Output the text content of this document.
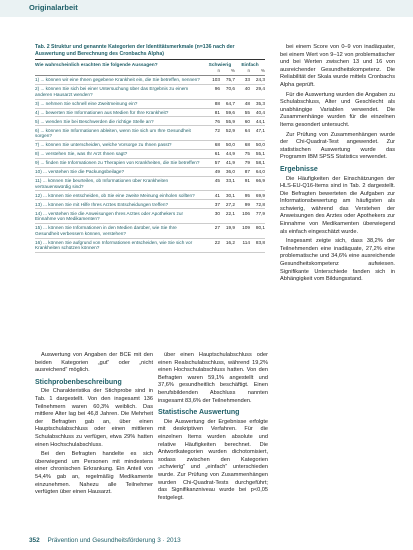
Originalarbeit
Tab. 2 Struktur und genannte Kategorien der Identitätsmerkmale (n=136 nach der Auswertung und Berechnung des Cronbachs Alpha)
Wie wahrscheinlich erachten Sie folgende Aussagen?	Schwierig	Einfach
n	%	n	%
1) ... können wir eine Ihnen gegebene Krankheit ein, die Sie betreffen, nennen?	103	75,7	33	24,3
2) ... können Sie sich bei einer Untersuchung über das Ergebnis zu einem anderen Hausarzt wenden?
96	70,6	40	29,4
3) ... nehmen Sie schnell eine Zweitmeinung ein?	88	64,7	48	35,3
4) ... bewerten Sie Informationen aus Medien für Ihre Krankheit?	81	59,6	55	40,4
5) ... wenden Sie bei Beschwerden die richtige Stelle an?	76	55,9	60	44,1
6) ... können Sie Informationen ableiten, wenn Sie sich um Ihre Gesundheit sorgen?
72	52,9	64	47,1
7) ... können Sie unterscheiden, welche Vorsorge zu Ihnen passt?	68	50,0	68	50,0
8) ... verstehen Sie, was Ihr Arzt Ihnen sagt?	61	44,9	75	55,1
9) ... finden Sie Informationen zu Therapien von Krankheiten, die Sie betreffen?	57	41,9	79	58,1
10) ... verstehen Sie die Packungsbeilage?	49	36,0	87	64,0
11) ... können Sie beurteilen, ob Informationen über Krankheiten vertrauenswürdig sind?
45	33,1	91	66,9
12) ... können Sie entscheiden, ob Sie eine zweite Meinung einholen sollten?	41	30,1	95	69,9
13) ... können Sie mit Hilfe Ihres Arztes Entscheidungen treffen?	37	27,2	99	72,8
14) ... verstehen Sie die Anweisungen Ihres Arztes oder Apothekers zur Einnahme von Medikamenten?
30	22,1	106	77,9
15) ... können Sie Informationen in den Medien darüber, wie Sie Ihre Gesundheit verbessern können, verstehen?
27	19,9	109	80,1
16) ... können Sie aufgrund von Informationen entscheiden, wie Sie sich vor Krankheiten schützen können?
22	16,2	114	83,8

Auswertung von Angaben der BCE mit den beiden Kategorien „gut“ oder „nicht ausreichend“ möglich.

Stichprobenbeschreibung

Die Charakteristika der Stichprobe sind in Tab. 1 dargestellt. Von den insgesamt 136 Teilnehmern waren 60,3% weiblich. Das mittlere Alter lag bei 46,8 Jahren. Die Mehrheit der Befragten gab an, über einen Hauptschulabschluss oder einen mittleren Schulabschluss zu verfügen, etwa 29% hatten einen Hochschulabschluss.

Bei den Befragten handelte es sich überwiegend um Personen mit mindestens einer chronischen Erkrankung. Ein Anteil von 54,4% gab an, regelmäßig Medikamente einzunehmen. Nahezu alle Teilnehmer verfügten über einen Hausarzt.

über einen Hauptschulabschluss oder einen Realschulabschluss, während 19,2% einen Hochschulabschluss hatten. Von den Befragten waren 59,1% angestellt und 37,6% gesundheitlich beschäftigt. Einen berufsbildenden Abschluss nannten insgesamt 83,6% der Teilnehmenden.

Statistische Auswertung

Die Auswertung der Ergebnisse erfolgte mit deskriptiven Verfahren. Für die einzelnen Items wurden absolute und relative Häufigkeiten berechnet. Die Antwortkategorien wurden dichotomisiert, sodass zwischen den Kategorien „schwierig“ und „einfach“ unterschieden wurde. Zur Prüfung von Zusammenhängen wurden Chi-Quadrat-Tests durchgeführt; das Signifikanzniveau wurde bei p<0,05 festgelegt.

bei einem Score von 0–9 von inadäquater, bei einem Wert von 9–12 von problematischer und bei Werten zwischen 13 und 16 von ausreichender Gesundheitskompetenz. Die Reliabilität der Skala wurde mittels Cronbachs Alpha geprüft.

Für die Auswertung wurden die Angaben zu Schulabschluss, Alter und Geschlecht als unabhängige Variablen verwendet. Die Zusammenhänge wurden für die einzelnen Items gesondert untersucht.

Zur Prüfung von Zusammenhängen wurde der Chi-Quadrat-Test angewendet. Zur statistischen Auswertung wurde das Programm IBM SPSS Statistics verwendet.

Ergebnisse

Die Häufigkeiten der Einschätzungen der HLS-EU-Q16-Items sind in Tab. 2 dargestellt. Die Befragten bewerteten die Aufgaben zur Informationsbewertung am häufigsten als schwierig, während das Verstehen der Anweisungen des Arztes oder Apothekers zur Einnahme von Medikamenten überwiegend als einfach eingeschätzt wurde.

Insgesamt zeigte sich, dass 38,2% der Teilnehmenden eine inadäquate, 27,2% eine problematische und 34,6% eine ausreichende Gesundheitskompetenz aufwiesen. Signifikante Unterschiede fanden sich in Abhängigkeit vom Bildungsstand.

352 Prävention und Gesundheitsförderung 3 · 2013
